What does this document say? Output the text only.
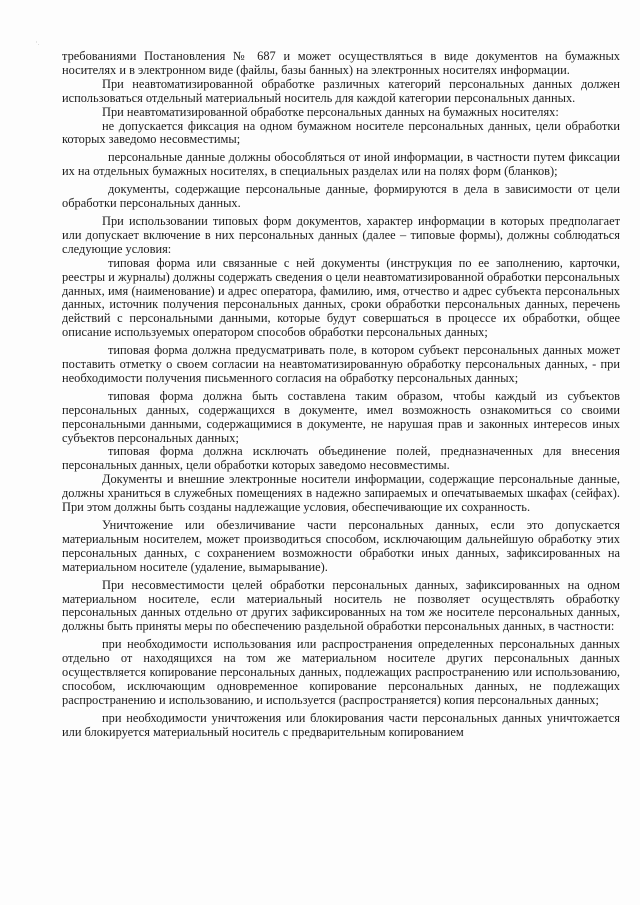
' .

требованиями Постановления № 687 и может осуществляться в виде документов на бумажных носителях и в электронном виде (файлы, базы банных) на электронных носителях информации.

При неавтоматизированной обработке различных категорий персональных данных должен использоваться отдельный материальный носитель для каждой категории персональных данных.

При неавтоматизированной обработке персональных данных на бумажных носителях:

не допускается фиксация на одном бумажном носителе персональных данных, цели обработки которых заведомо несовместимы;

персональные данные должны обособляться от иной информации, в частности путем фиксации их на отдельных бумажных носителях, в специальных разделах или на полях форм (бланков);

документы, содержащие персональные данные, формируются в дела в зависимости от цели обработки персональных данных.

При использовании типовых форм документов, характер информации в которых предполагает или допускает включение в них персональных данных (далее – типовые формы), должны соблюдаться следующие условия:

типовая форма или связанные с ней документы (инструкция по ее заполнению, карточки, реестры и журналы) должны содержать сведения о цели неавтоматизированной обработки персональных данных, имя (наименование) и адрес оператора, фамилию, имя, отчество и адрес субъекта персональных данных, источник получения персональных данных, сроки обработки персональных данных, перечень действий с персональными данными, которые будут совершаться в процессе их обработки, общее описание используемых оператором способов обработки персональных данных;

типовая форма должна предусматривать поле, в котором субъект персональных данных может поставить отметку о своем согласии на неавтоматизированную обработку персональных данных, - при необходимости получения письменного согласия на обработку персональных данных;

типовая форма должна быть составлена таким образом, чтобы каждый из субъектов персональных данных, содержащихся в документе, имел возможность ознакомиться со своими персональными данными, содержащимися в документе, не нарушая прав и законных интересов иных субъектов персональных данных;

типовая форма должна исключать объединение полей, предназначенных для внесения персональных данных, цели обработки которых заведомо несовместимы.

Документы и внешние электронные носители информации, содержащие персональные данные, должны храниться в служебных помещениях в надежно запираемых и опечатываемых шкафах (сейфах). При этом должны быть созданы надлежащие условия, обеспечивающие их сохранность.

Уничтожение или обезличивание части персональных данных, если это допускается материальным носителем, может производиться способом, исключающим дальнейшую обработку этих персональных данных, с сохранением возможности обработки иных данных, зафиксированных на материальном носителе (удаление, вымарывание).

При несовместимости целей обработки персональных данных, зафиксированных на одном материальном носителе, если материальный носитель не позволяет осуществлять обработку персональных данных отдельно от других зафиксированных на том же носителе персональных данных, должны быть приняты меры по обеспечению раздельной обработки персональных данных, в частности:

при необходимости использования или распространения определенных персональных данных отдельно от находящихся на том же материальном носителе других персональных данных осуществляется копирование персональных данных, подлежащих распространению или использованию, способом, исключающим одновременное копирование персональных данных, не подлежащих распространению и использованию, и используется (распространяется) копия персональных данных;

при необходимости уничтожения или блокирования части персональных данных уничтожается или блокируется материальный носитель с предварительным копированием
